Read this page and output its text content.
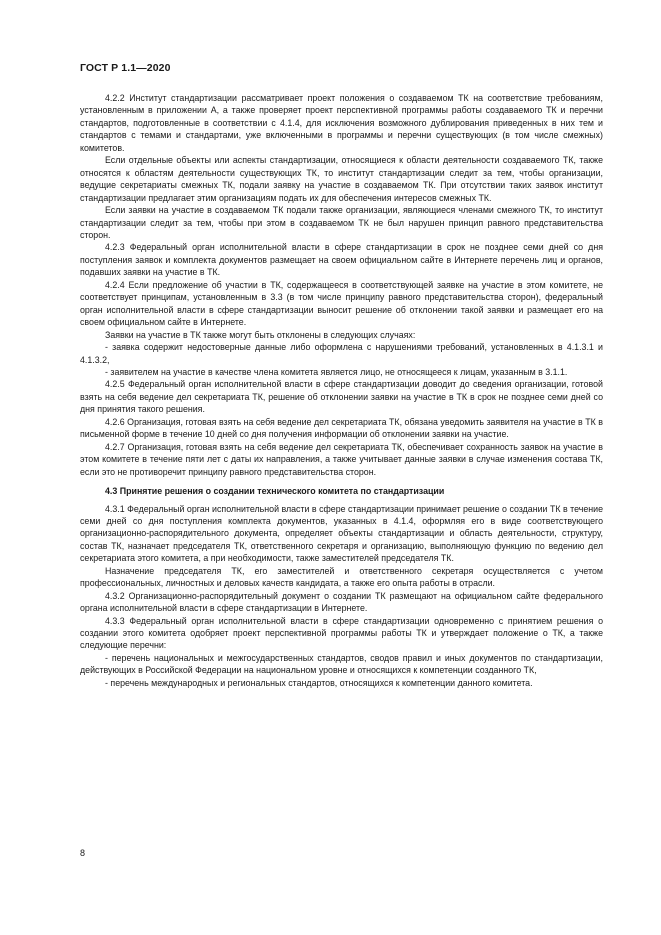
ГОСТ Р 1.1—2020

4.2.2 Институт стандартизации рассматривает проект положения о создаваемом ТК на соответствие требованиям, установленным в приложении А, а также проверяет проект перспективной программы работы создаваемого ТК и перечни стандартов, подготовленные в соответствии с 4.1.4, для исключения возможного дублирования приведенных в них тем и стандартов с темами и стандартами, уже включенными в программы и перечни существующих (в том числе смежных) комитетов.

Если отдельные объекты или аспекты стандартизации, относящиеся к области деятельности создаваемого ТК, также относятся к областям деятельности существующих ТК, то институт стандартизации следит за тем, чтобы организации, ведущие секретариаты смежных ТК, подали заявку на участие в создаваемом ТК. При отсутствии таких заявок институт стандартизации предлагает этим организациям подать их для обеспечения интересов смежных ТК.

Если заявки на участие в создаваемом ТК подали также организации, являющиеся членами смежного ТК, то институт стандартизации следит за тем, чтобы при этом в создаваемом ТК не был нарушен принцип равного представительства сторон.

4.2.3 Федеральный орган исполнительной власти в сфере стандартизации в срок не позднее семи дней со дня поступления заявок и комплекта документов размещает на своем официальном сайте в Интернете перечень лиц и органов, подавших заявки на участие в ТК.

4.2.4 Если предложение об участии в ТК, содержащееся в соответствующей заявке на участие в этом комитете, не соответствует принципам, установленным в 3.3 (в том числе принципу равного представительства сторон), федеральный орган исполнительной власти в сфере стандартизации выносит решение об отклонении такой заявки и размещает его на своем официальном сайте в Интернете.

Заявки на участие в ТК также могут быть отклонены в следующих случаях:

- заявка содержит недостоверные данные либо оформлена с нарушениями требований, установленных в 4.1.3.1 и 4.1.3.2,

- заявителем на участие в качестве члена комитета является лицо, не относящееся к лицам, указанным в 3.1.1.

4.2.5 Федеральный орган исполнительной власти в сфере стандартизации доводит до сведения организации, готовой взять на себя ведение дел секретариата ТК, решение об отклонении заявки на участие в ТК в срок не позднее семи дней со дня принятия такого решения.

4.2.6 Организация, готовая взять на себя ведение дел секретариата ТК, обязана уведомить заявителя на участие в ТК в письменной форме в течение 10 дней со дня получения информации об отклонении заявки на участие.

4.2.7 Организация, готовая взять на себя ведение дел секретариата ТК, обеспечивает сохранность заявок на участие в этом комитете в течение пяти лет с даты их направления, а также учитывает данные заявки в случае изменения состава ТК, если это не противоречит принципу равного представительства сторон.

4.3 Принятие решения о создании технического комитета по стандартизации

4.3.1 Федеральный орган исполнительной власти в сфере стандартизации принимает решение о создании ТК в течение семи дней со дня поступления комплекта документов, указанных в 4.1.4, оформляя его в виде соответствующего организационно-распорядительного документа, определяет объекты стандартизации и область деятельности, структуру, состав ТК, назначает председателя ТК, ответственного секретаря и организацию, выполняющую функцию по ведению дел секретариата этого комитета, а при необходимости, также заместителей председателя ТК.

Назначение председателя ТК, его заместителей и ответственного секретаря осуществляется с учетом профессиональных, личностных и деловых качеств кандидата, а также его опыта работы в отрасли.

4.3.2 Организационно-распорядительный документ о создании ТК размещают на официальном сайте федерального органа исполнительной власти в сфере стандартизации в Интернете.

4.3.3 Федеральный орган исполнительной власти в сфере стандартизации одновременно с принятием решения о создании этого комитета одобряет проект перспективной программы работы ТК и утверждает положение о ТК, а также следующие перечни:

- перечень национальных и межгосударственных стандартов, сводов правил и иных документов по стандартизации, действующих в Российской Федерации на национальном уровне и относящихся к компетенции созданного ТК,

- перечень международных и региональных стандартов, относящихся к компетенции данного комитета.

8
